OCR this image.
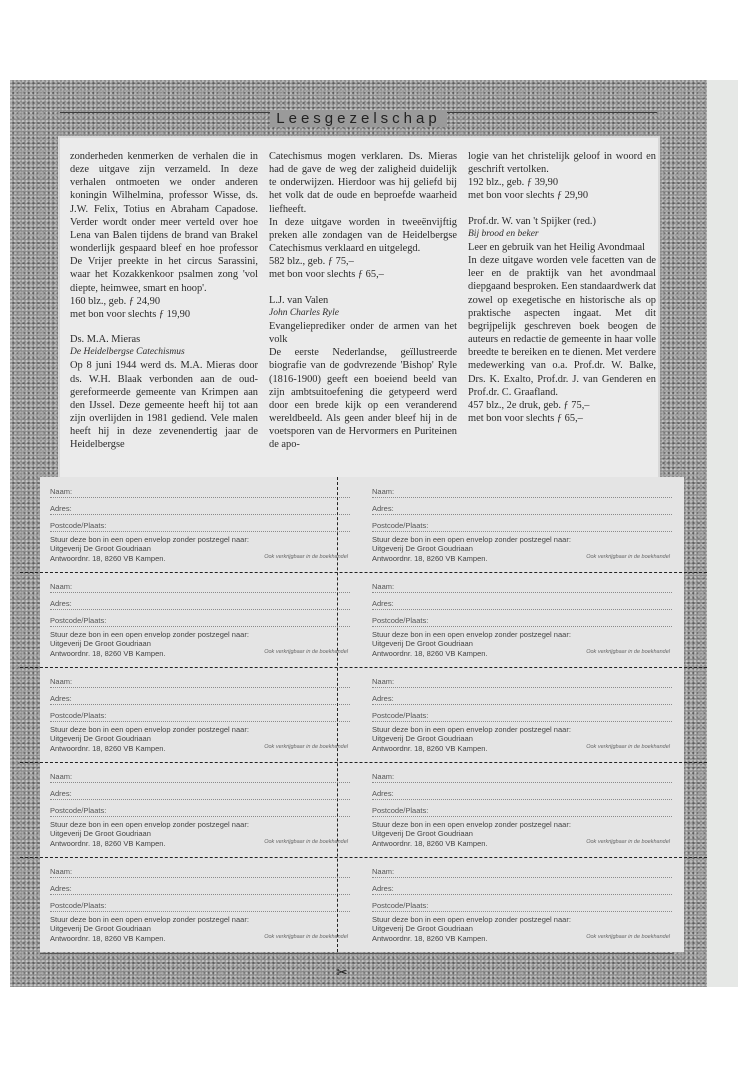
Leesgezelschap

zonderheden kenmerken de verhalen die in deze uitgave zijn verzameld. In deze verhalen ontmoeten we onder anderen koningin Wilhelmina, professor Wisse, ds. J.W. Felix, Totius en Abraham Capadose. Verder wordt onder meer verteld over hoe Lena van Balen tijdens de brand van Brakel wonderlijk gespaard bleef en hoe professor De Vrijer preekte in het circus Sarassini, waar het Kozakkenkoor psalmen zong 'vol diepte, heimwee, smart en hoop'.

160 blz., geb. ƒ 24,90

met bon voor slechts ƒ 19,90

Ds. M.A. Mieras

De Heidelbergse Catechismus

Op 8 juni 1944 werd ds. M.A. Mieras door ds. W.H. Blaak verbonden aan de oud-gereformeerde gemeente van Krimpen aan den IJssel. Deze gemeente heeft hij tot aan zijn overlijden in 1981 gediend. Vele malen heeft hij in deze zevenendertig jaar de Heidelbergse

Catechismus mogen verklaren. Ds. Mieras had de gave de weg der zaligheid duidelijk te onderwijzen. Hierdoor was hij geliefd bij het volk dat de oude en beproefde waarheid liefheeft.

In deze uitgave worden in tweeënvijftig preken alle zondagen van de Heidelbergse Catechismus verklaard en uitgelegd.

582 blz., geb. ƒ 75,–

met bon voor slechts ƒ 65,–

L.J. van Valen

John Charles Ryle

Evangelieprediker onder de armen van het volk

De eerste Nederlandse, geïllustreerde biografie van de godvrezende 'Bishop' Ryle (1816-1900) geeft een boeiend beeld van zijn ambtsuitoefening die getypeerd werd door een brede kijk op een veranderend wereldbeeld. Als geen ander bleef hij in de voetsporen van de Hervormers en Puriteinen de apo-

logie van het christelijk geloof in woord en geschrift vertolken.

192 blz., geb. ƒ 39,90

met bon voor slechts ƒ 29,90

Prof.dr. W. van 't Spijker (red.)

Bij brood en beker

Leer en gebruik van het Heilig Avondmaal

In deze uitgave worden vele facetten van de leer en de praktijk van het avondmaal diepgaand besproken. Een standaardwerk dat zowel op exegetische en historische als op praktische aspecten ingaat. Met dit begrijpelijk geschreven boek beogen de auteurs en redactie de gemeente in haar volle breedte te bereiken en te dienen. Met verdere medewerking van o.a. Prof.dr. W. Balke, Drs. K. Exalto, Prof.dr. J. van Genderen en Prof.dr. C. Graafland.

457 blz., 2e druk, geb. ƒ 75,–

met bon voor slechts ƒ 65,–

Naam:
Adres:
Postcode/Plaats:
Stuur deze bon in een open envelop zonder postzegel naar:
Uitgeverij De Groot Goudriaan
Antwoordnr. 18, 8260 VB Kampen.	Ook verkrijgbaar in de boekhandel
Naam:
Adres:
Postcode/Plaats:
Stuur deze bon in een open envelop zonder postzegel naar:
Uitgeverij De Groot Goudriaan
Antwoordnr. 18, 8260 VB Kampen.	Ook verkrijgbaar in de boekhandel
Naam:
Adres:
Postcode/Plaats:
Stuur deze bon in een open envelop zonder postzegel naar:
Uitgeverij De Groot Goudriaan
Antwoordnr. 18, 8260 VB Kampen.	Ook verkrijgbaar in de boekhandel
Naam:
Adres:
Postcode/Plaats:
Stuur deze bon in een open envelop zonder postzegel naar:
Uitgeverij De Groot Goudriaan
Antwoordnr. 18, 8260 VB Kampen.	Ook verkrijgbaar in de boekhandel
Naam:
Adres:
Postcode/Plaats:
Stuur deze bon in een open envelop zonder postzegel naar:
Uitgeverij De Groot Goudriaan
Antwoordnr. 18, 8260 VB Kampen.	Ook verkrijgbaar in de boekhandel
Naam:
Adres:
Postcode/Plaats:
Stuur deze bon in een open envelop zonder postzegel naar:
Uitgeverij De Groot Goudriaan
Antwoordnr. 18, 8260 VB Kampen.	Ook verkrijgbaar in de boekhandel
Naam:
Adres:
Postcode/Plaats:
Stuur deze bon in een open envelop zonder postzegel naar:
Uitgeverij De Groot Goudriaan
Antwoordnr. 18, 8260 VB Kampen.	Ook verkrijgbaar in de boekhandel
Naam:
Adres:
Postcode/Plaats:
Stuur deze bon in een open envelop zonder postzegel naar:
Uitgeverij De Groot Goudriaan
Antwoordnr. 18, 8260 VB Kampen.	Ook verkrijgbaar in de boekhandel
Naam:
Adres:
Postcode/Plaats:
Stuur deze bon in een open envelop zonder postzegel naar:
Uitgeverij De Groot Goudriaan
Antwoordnr. 18, 8260 VB Kampen.	Ook verkrijgbaar in de boekhandel
Naam:
Adres:
Postcode/Plaats:
Stuur deze bon in een open envelop zonder postzegel naar:
Uitgeverij De Groot Goudriaan
Antwoordnr. 18, 8260 VB Kampen.	Ook verkrijgbaar in de boekhandel
✂
